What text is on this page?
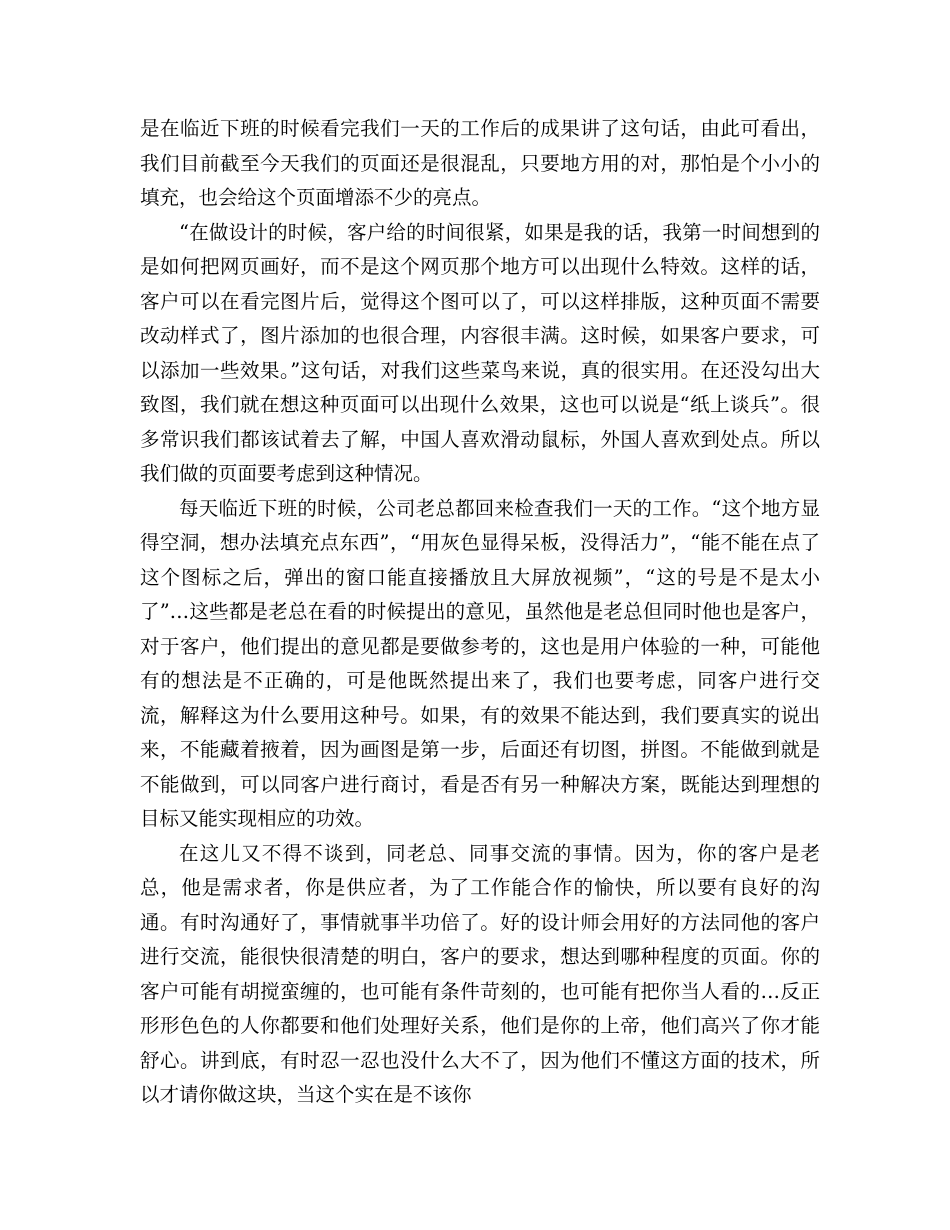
是在临近下班的时候看完我们一天的工作后的成果讲了这句话，由此可看出，我们目前截至今天我们的页面还是很混乱，只要地方用的对，那怕是个小小的填充，也会给这个页面增添不少的亮点。

“在做设计的时候，客户给的时间很紧，如果是我的话，我第一时间想到的是如何把网页画好，而不是这个网页那个地方可以出现什么特效。这样的话，客户可以在看完图片后，觉得这个图可以了，可以这样排版，这种页面不需要改动样式了，图片添加的也很合理，内容很丰满。这时候，如果客户要求，可以添加一些效果。”这句话，对我们这些菜鸟来说，真的很实用。在还没勾出大致图，我们就在想这种页面可以出现什么效果，这也可以说是“纸上谈兵”。很多常识我们都该试着去了解，中国人喜欢滑动鼠标，外国人喜欢到处点。所以我们做的页面要考虑到这种情况。

每天临近下班的时候，公司老总都回来检查我们一天的工作。“这个地方显得空洞，想办法填充点东西”，“用灰色显得呆板，没得活力”，“能不能在点了这个图标之后，弹出的窗口能直接播放且大屏放视频”，“这的号是不是太小了”…这些都是老总在看的时候提出的意见，虽然他是老总但同时他也是客户，对于客户，他们提出的意见都是要做参考的，这也是用户体验的一种，可能他有的想法是不正确的，可是他既然提出来了，我们也要考虑，同客户进行交流，解释这为什么要用这种号。如果，有的效果不能达到，我们要真实的说出来，不能藏着掖着，因为画图是第一步，后面还有切图，拼图。不能做到就是不能做到，可以同客户进行商讨，看是否有另一种解决方案，既能达到理想的目标又能实现相应的功效。

在这儿又不得不谈到，同老总、同事交流的事情。因为，你的客户是老总，他是需求者，你是供应者，为了工作能合作的愉快，所以要有良好的沟通。有时沟通好了，事情就事半功倍了。好的设计师会用好的方法同他的客户进行交流，能很快很清楚的明白，客户的要求，想达到哪种程度的页面。你的客户可能有胡搅蛮缠的，也可能有条件苛刻的，也可能有把你当人看的…反正形形色色的人你都要和他们处理好关系，他们是你的上帝，他们高兴了你才能舒心。讲到底，有时忍一忍也没什么大不了，因为他们不懂这方面的技术，所以才请你做这块，当这个实在是不该你
